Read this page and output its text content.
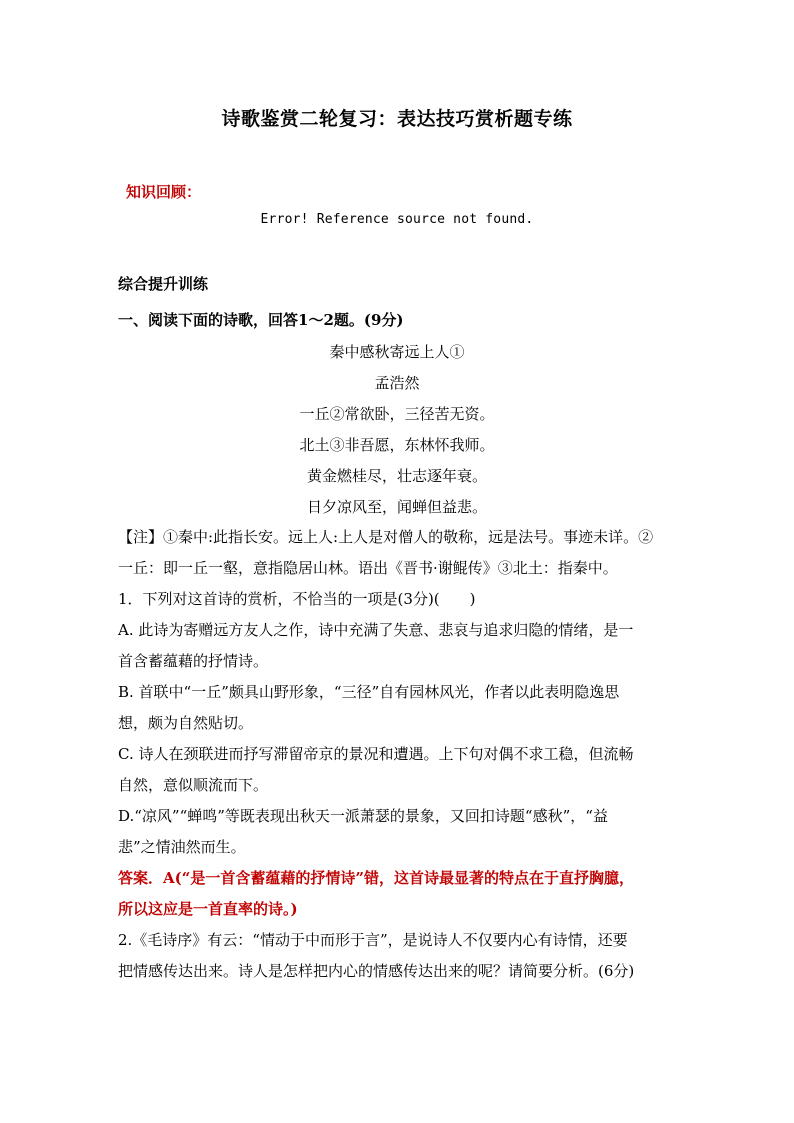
诗歌鉴赏二轮复习：表达技巧赏析题专练
知识回顾：
Error! Reference source not found.
综合提升训练
一、阅读下面的诗歌，回答1～2题。(9分)
秦中感秋寄远上人①
孟浩然
一丘②常欲卧，三径苦无资。
北土③非吾愿，东林怀我师。
黄金燃桂尽，壮志逐年衰。
日夕凉风至，闻蝉但益悲。
【注】①秦中:此指长安。远上人:上人是对僧人的敬称，远是法号。事迹未详。②
一丘：即一丘一壑，意指隐居山林。语出《晋书·谢鲲传》③北土：指秦中。
1．下列对这首诗的赏析，不恰当的一项是(3分)(　　)
A. 此诗为寄赠远方友人之作，诗中充满了失意、悲哀与追求归隐的情绪，是一
首含蓄蕴藉的抒情诗。
B. 首联中“一丘”颇具山野形象，“三径”自有园林风光，作者以此表明隐逸思
想，颇为自然贴切。
C. 诗人在颈联进而抒写滞留帝京的景况和遭遇。上下句对偶不求工稳，但流畅
自然，意似顺流而下。
D.“凉风”“蝉鸣”等既表现出秋天一派萧瑟的景象，又回扣诗题“感秋”，“益
悲”之情油然而生。
答案．A(“是一首含蓄蕴藉的抒情诗”错，这首诗最显著的特点在于直抒胸臆，
所以这应是一首直率的诗。)
2.《毛诗序》有云：“情动于中而形于言”，是说诗人不仅要内心有诗情，还要
把情感传达出来。诗人是怎样把内心的情感传达出来的呢？请简要分析。(6分)
